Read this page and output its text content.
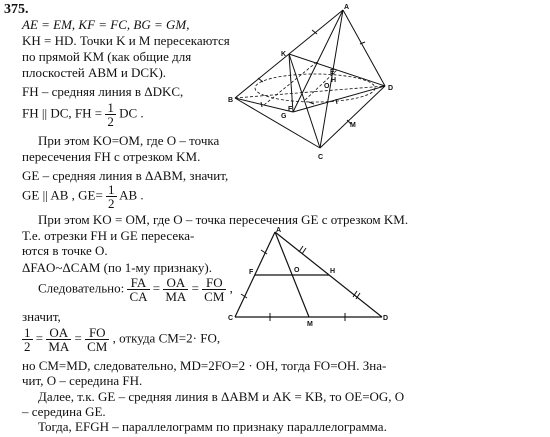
375.
AE = EM, KF = FC, BG = GM,
KH = HD. Точки K и M пересекаются
по прямой KM (как общие для
плоскостей ABM и DCK).
FH – средняя линия в ΔDKC,
FH || DC, FH = $\frac{1}{2}$ DC .
При этом KO=OM, где O – точка
пересечения FH с отрезком KM.
GE – средняя линия в ΔABM, значит,
GE || AB , $GE= \frac{1}{2}$ AB .
При этом KO = OM, где O – точка пересечения GE с отрезком KM.
Т.е. отрезки FH и GE пересека-
ются в точке O.
ΔFAO~ΔCAM (по 1-му признаку).
Следовательно: $\frac{FA}{CA} = \frac{OA}{MA} = \frac{FO}{CM}$ ,
значит,
$\frac{1}{2} = \frac{OA}{MA} = \frac{FO}{CM}$ , откуда CM=2· FO,
но CM=MD, следовательно, MD=2FO=2 · OH, тогда FO=OH. Зна-
чит, O – середина FH.
Далее, т.к. GE – средняя линия в ΔABM и AK = KB, то OE=OG, O
– середина GE.
Тогда, EFGH – параллелограмм по признаку параллелограмма.
A
B
C
D
K
M
E
H
O
F
G
A
C	D
F	O	H
M
